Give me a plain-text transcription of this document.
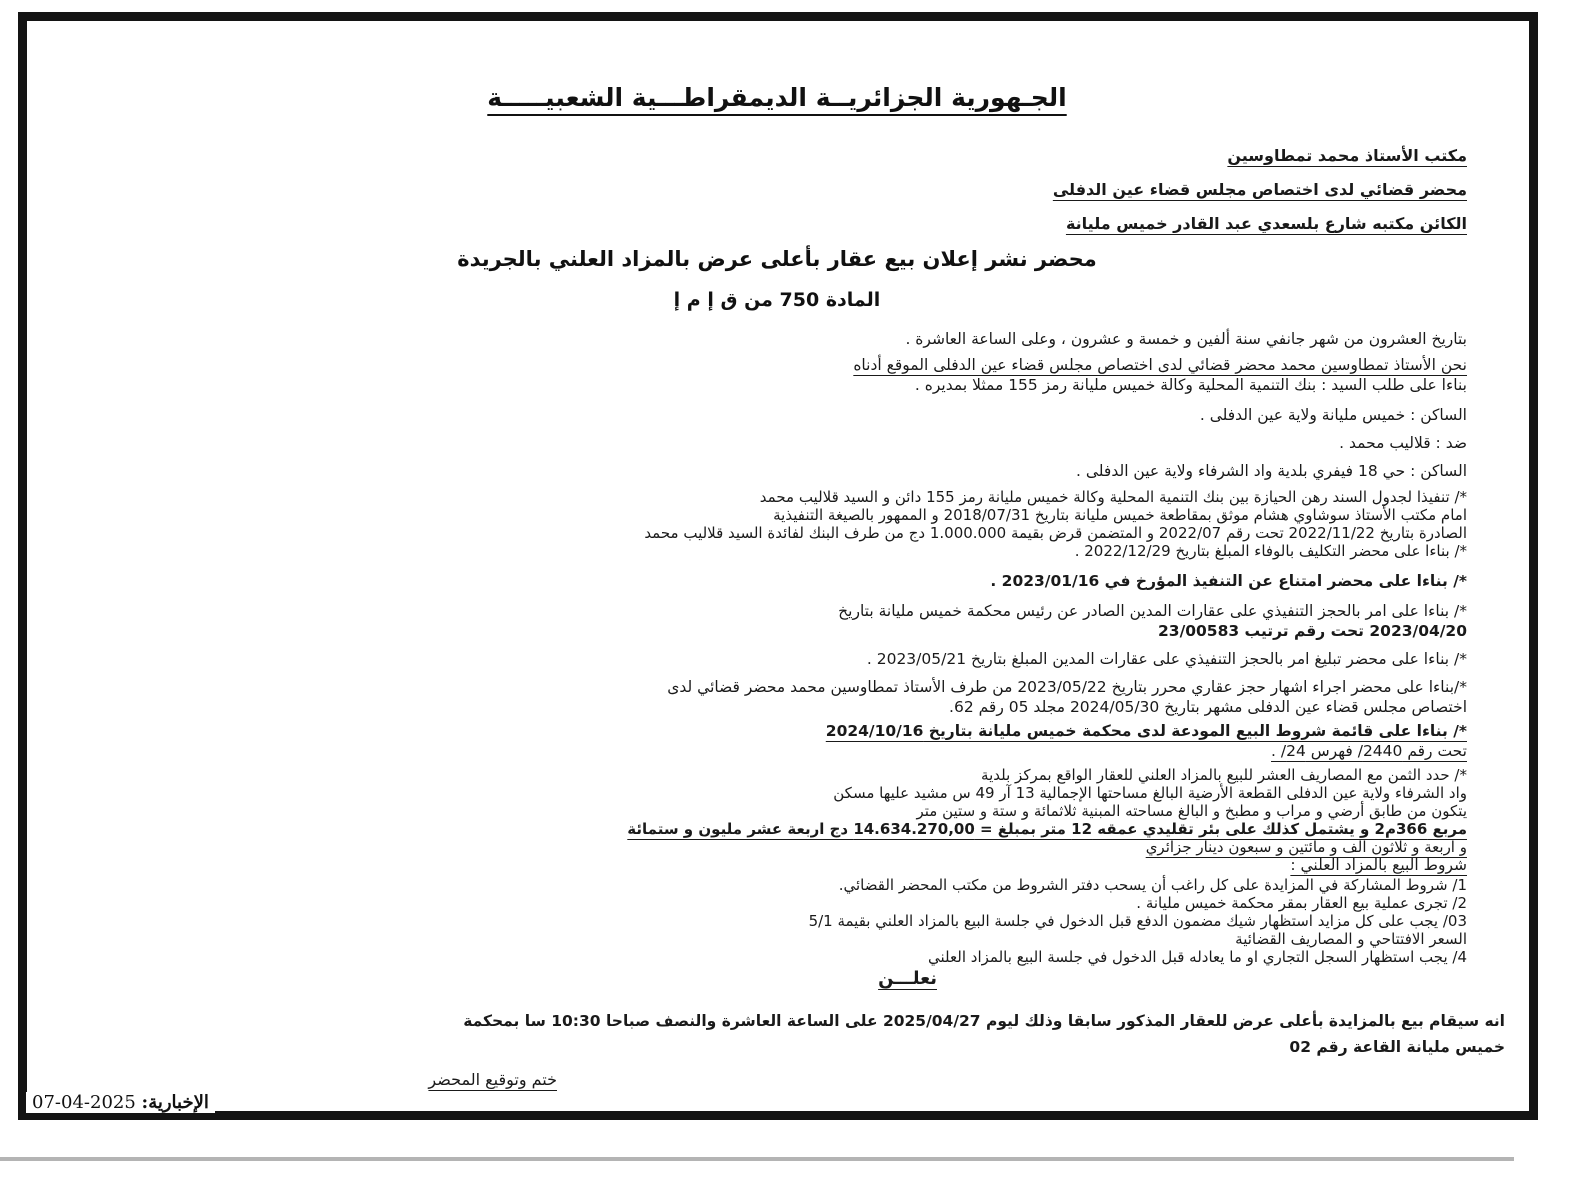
الجـهورية الجزائريــة الديمقراطـــية الشعبيـــــة
مكتب الأستاذ محمد تمطاوسين
محضر قضائي لدى اختصاص مجلس قضاء عين الدفلى
الكائن مكتبه شارع بلسعدي عبد القادر خميس مليانة
محضر نشر إعلان بيع عقار بأعلى عرض بالمزاد العلني بالجريدة
المادة 750 من ق إ م إ
بتاريخ العشرون من شهر جانفي سنة ألفين و خمسة و عشرون ، وعلى الساعة العاشرة .
نحن الأستاذ تمطاوسين محمد محضر قضائي لدى اختصاص مجلس قضاء عين الدفلى الموقع أدناه
بناءا على طلب السيد : بنك التنمية المحلية وكالة خميس مليانة رمز 155 ممثلا بمديره .
الساكن : خميس مليانة ولاية عين الدفلى .
ضد : قلاليب محمد .
الساكن : حي 18 فيفري بلدية واد الشرفاء ولاية عين الدفلى .
*/ تنفيذا لجدول السند رهن الحيازة بين بنك التنمية المحلية وكالة خميس مليانة رمز 155 دائن و السيد قلاليب محمد
امام مكتب الأستاذ سوشاوي هشام موثق بمقاطعة خميس مليانة بتاريخ 2018/07/31 و الممهور بالصيغة التنفيذية
الصادرة بتاريخ 2022/11/22 تحت رقم 2022/07 و المتضمن قرض بقيمة 1.000.000 دج من طرف البنك لفائدة السيد قلاليب محمد
*/ بناءا على محضر التكليف بالوفاء المبلغ بتاريخ 2022/12/29 .
*/ بناءا على محضر امتناع عن التنفيذ المؤرخ في 2023/01/16 .
*/ بناءا على امر بالحجز التنفيذي على عقارات المدين الصادر عن رئيس محكمة خميس مليانة بتاريخ
2023/04/20 تحت رقم ترتيب 23/00583
*/ بناءا على محضر تبليغ امر بالحجز التنفيذي على عقارات المدين المبلغ بتاريخ 2023/05/21 .
*/بناءا على محضر اجراء اشهار حجز عقاري محرر بتاريخ 2023/05/22 من طرف الأستاذ تمطاوسين محمد محضر قضائي لدى
اختصاص مجلس قضاء عين الدفلى مشهر بتاريخ 2024/05/30 مجلد 05 رقم 62.
*/ بناءا على قائمة شروط البيع المودعة لدى محكمة خميس مليانة بتاريخ 2024/10/16
تحت رقم 2440/ فهرس 24/ .
*/ حدد الثمن مع المصاريف العشر للبيع بالمزاد العلني للعقار الواقع بمركز بلدية
واد الشرفاء ولاية عين الدفلى القطعة الأرضية البالغ مساحتها الإجمالية 13 آر 49 س مشيد عليها مسكن
يتكون من طابق أرضي و مراب و مطبخ و البالغ مساحته المبنية ثلاثمائة و ستة و ستين متر
مربع 366م2 و يشتمل كذلك على بئر تقليدي عمقه 12 متر بمبلغ = 14.634.270,00 دج اربعة عشر مليون و ستمائة
و اربعة و ثلاثون الف و مائتين و سبعون دينار جزائري
شروط البيع بالمزاد العلني :
1/ شروط المشاركة في المزايدة على كل راغب أن يسحب دفتر الشروط من مكتب المحضر القضائي.
2/ تجرى عملية بيع العقار بمقر محكمة خميس مليانة .
03/ يجب على كل مزايد استظهار شيك مضمون الدفع قبل الدخول في جلسة البيع بالمزاد العلني بقيمة 5/1
السعر الافتتاحي و المصاريف القضائية
4/ يجب استظهار السجل التجاري او ما يعادله قبل الدخول في جلسة البيع بالمزاد العلني
نعلـــن
انه سيقام بيع بالمزايدة بأعلى عرض للعقار المذكور سابقا وذلك ليوم 2025/04/27 على الساعة العاشرة والنصف صباحا 10:30 سا بمحكمة
خميس مليانة القاعة رقم 02
ختم وتوقيع المحضر
الإخبارية: 2025-04-07
